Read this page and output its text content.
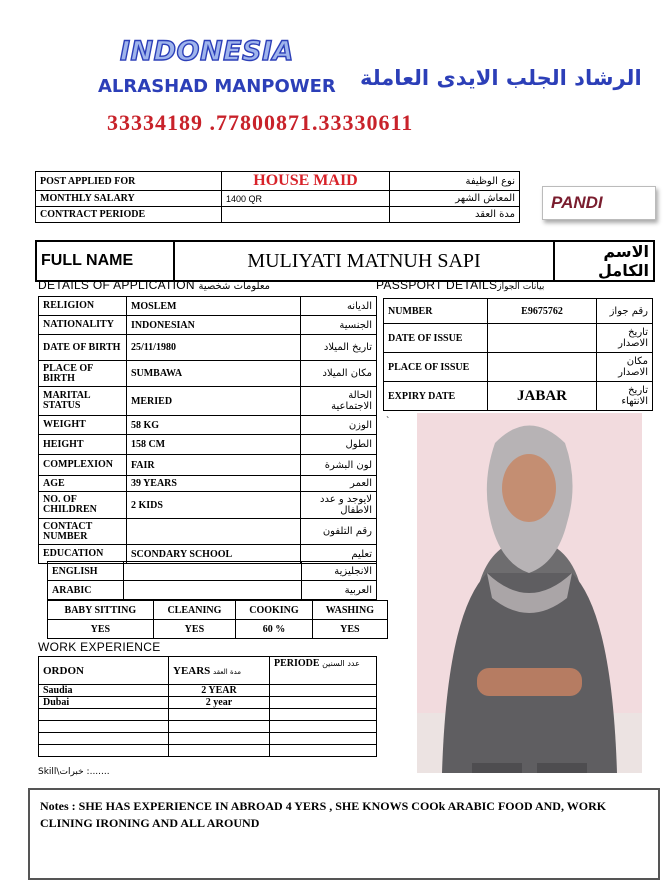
INDONESIA
ALRASHAD MANPOWER الرشاد الجلب الايدى العاملة
33334189 .77800871.33330611
POST APPLIED FOR	HOUSE MAID	نوع الوظيفة
MONTHLY SALARY	1400 QR	المعاش الشهر
CONTRACT PERIODE		مدة العقد
PANDI
FULL NAME	MULIYATI MATNUH SAPI	الاسم الكامل
DETAILS OF APPLICATION معلومات شخصية	PASSPORT DETAILSبيانات الجواز
RELIGION	MOSLEM	الديانه
NATIONALITY	INDONESIAN	الجنسية
DATE OF BIRTH	25/11/1980	تاريخ الميلاد
PLACE OF BIRTH	SUMBAWA	مكان الميلاد
MARITAL STATUS	MERIED	الحالة الاجتماعية
WEIGHT	58 KG	الوزن
HEIGHT	158 CM	الطول
COMPLEXION	FAIR	لون البشرة
AGE	39 YEARS	العمر
NO. OF CHILDREN	2 KIDS	لايوجد و عدد الاطفال
CONTACT NUMBER		رقم التلفون
EDUCATION	SCONDARY SCHOOL	تعليم
ENGLISH		الانجليزية
ARABIC		العربية
BABY SITTING	CLEANING	COOKING	WASHING
YES	YES	60 %	YES
WORK EXPERIENCE
ORDON	YEARS مدة العقد	PERIODE عدد السنين
Saudia	2 YEAR	
Dubai	2 year	

NUMBER	E9675762	رقم جواز
DATE OF ISSUE		تاريخ الاصدار
PLACE OF ISSUE		مكان الاصدار
EXPIRY DATE	JABAR	تاريخ الانتهاء
`
Skill\خبرات :.......
Notes : SHE HAS EXPERIENCE IN ABROAD 4 YERS , SHE KNOWS COOk ARABIC FOOD AND, WORK CLINING IRONING AND ALL AROUND
